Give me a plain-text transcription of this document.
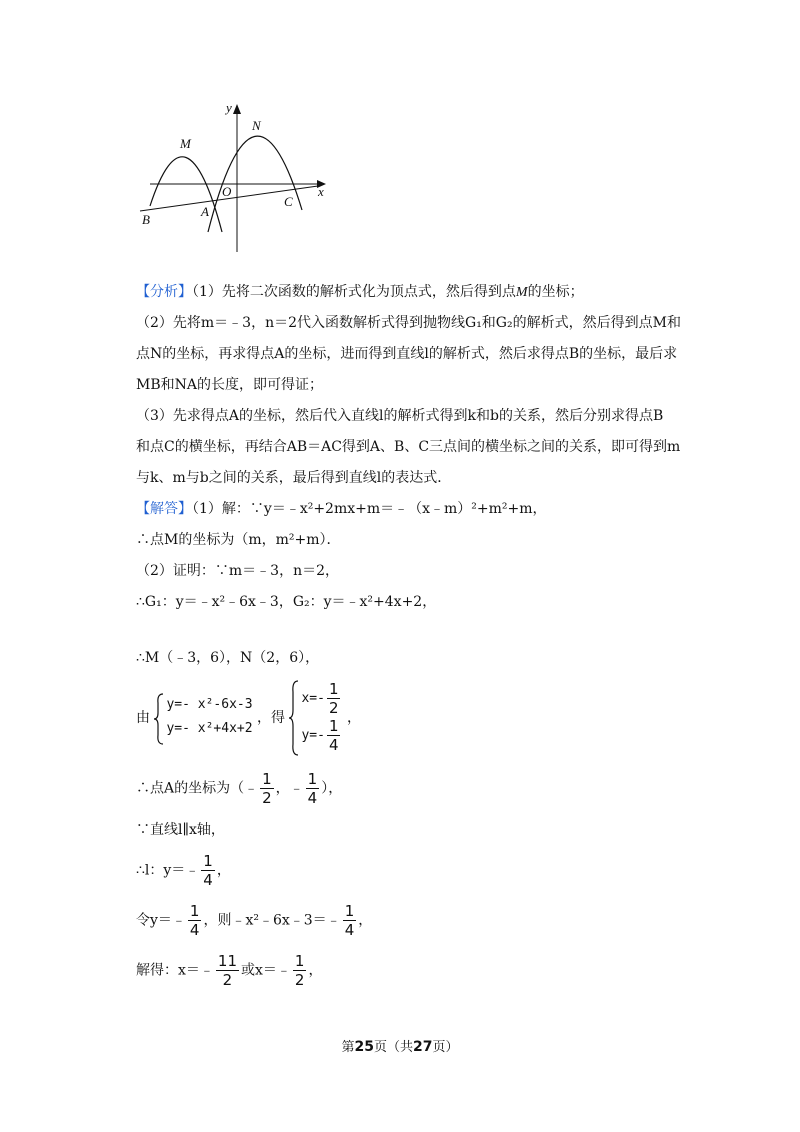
y
x
O
M
N
A
B
C
【分析】（1）先将二次函数的解析式化为顶点式，然后得到点M的坐标；
（2）先将m＝﹣3，n＝2代入函数解析式得到抛物线G₁和G₂的解析式，然后得到点M和
点N的坐标，再求得点A的坐标，进而得到直线l的解析式，然后求得点B的坐标，最后求
MB和NA的长度，即可得证；
（3）先求得点A的坐标，然后代入直线l的解析式得到k和b的关系，然后分别求得点B
和点C的横坐标，再结合AB＝AC得到A、B、C三点间的横坐标之间的关系，即可得到m
与k、m与b之间的关系，最后得到直线l的表达式．
【解答】（1）解：∵y＝﹣x²+2mx+m＝﹣（x﹣m）²+m²+m，
∴点M的坐标为（m，m²+m）．
（2）证明：∵m＝﹣3，n＝2，
∴G₁：y＝﹣x²﹣6x﹣3，G₂：y＝﹣x²+4x+2，
∴M（﹣3，6），N（2，6），
由
y=- x²-6x-3
y=- x²+4x+2
，得
$x=- \frac{1}{2}$
$y=- \frac{1}{4}$ ，
∴点A的坐标为（﹣ $\frac{1}{2}$ ，﹣ $\frac{1}{4}$ ），
∵直线l∥x轴，
∴l：y＝﹣ $\frac{1}{4}$ ，
令y＝﹣ $\frac{1}{4}$ ，则﹣x²﹣6x﹣3＝﹣ $\frac{1}{4}$ ，
解得：x＝﹣ $\frac{11}{2}$ 或x＝﹣ $\frac{1}{2}$ ，
第25页（共27页）
